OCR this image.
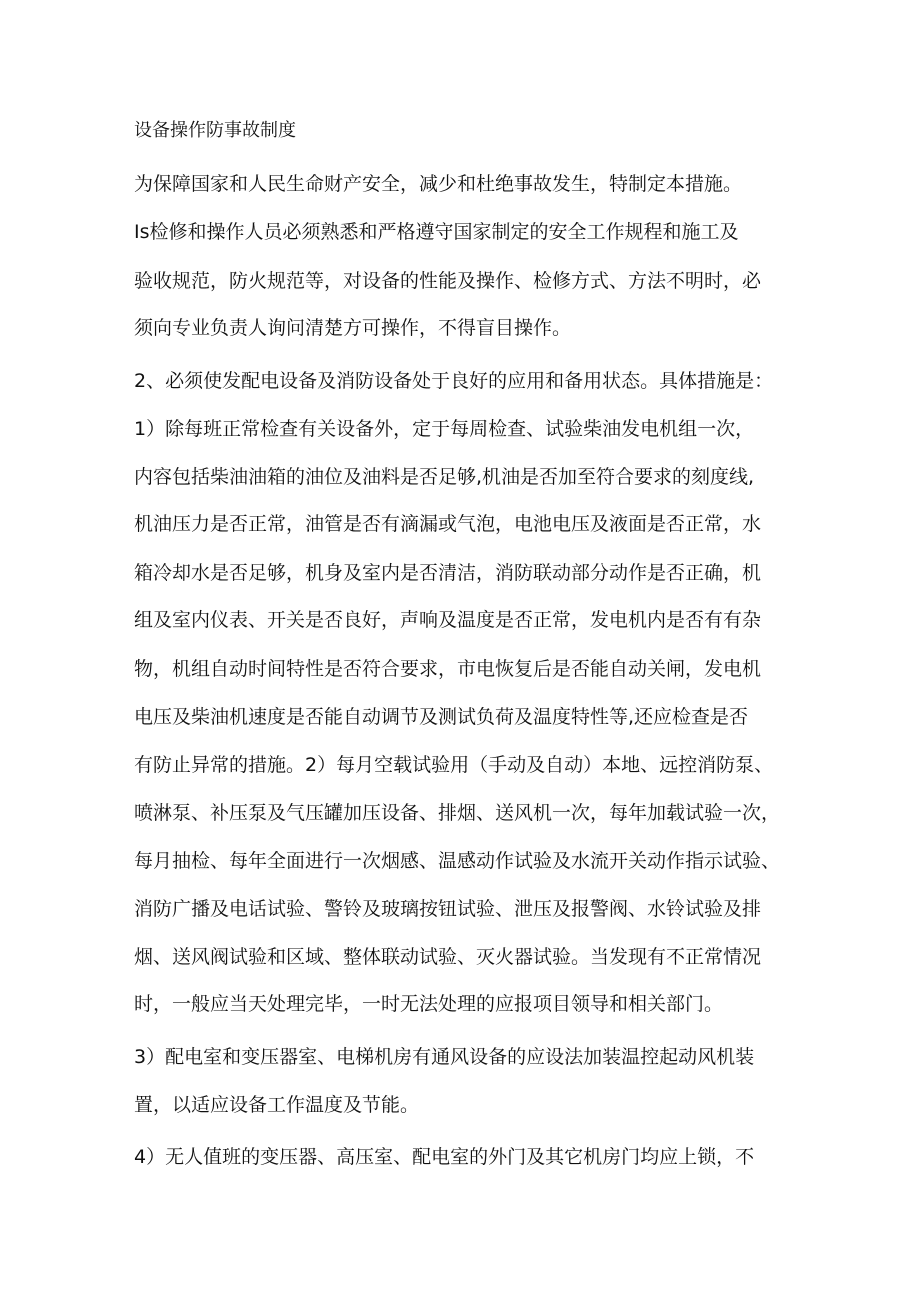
设备操作防事故制度

为保障国家和人民生命财产安全，减少和杜绝事故发生，特制定本措施。

Is检修和操作人员必须熟悉和严格遵守国家制定的安全工作规程和施工及

验收规范，防火规范等，对设备的性能及操作、检修方式、方法不明时，必

须向专业负责人询问清楚方可操作，不得盲目操作。

2、必须使发配电设备及消防设备处于良好的应用和备用状态。具体措施是：

1）除每班正常检查有关设备外，定于每周检查、试验柴油发电机组一次，

内容包括柴油油箱的油位及油料是否足够,机油是否加至符合要求的刻度线,

机油压力是否正常，油管是否有滴漏或气泡，电池电压及液面是否正常，水

箱冷却水是否足够，机身及室内是否清洁，消防联动部分动作是否正确，机

组及室内仪表、开关是否良好，声响及温度是否正常，发电机内是否有有杂

物，机组自动时间特性是否符合要求，市电恢复后是否能自动关闸，发电机

电压及柴油机速度是否能自动调节及测试负荷及温度特性等,还应检查是否

有防止异常的措施。2）每月空载试验用（手动及自动）本地、远控消防泵、

喷淋泵、补压泵及气压罐加压设备、排烟、送风机一次，每年加载试验一次，

每月抽检、每年全面进行一次烟感、温感动作试验及水流开关动作指示试验、

消防广播及电话试验、警铃及玻璃按钮试验、泄压及报警阀、水铃试验及排

烟、送风阀试验和区域、整体联动试验、灭火器试验。当发现有不正常情况

时，一般应当天处理完毕，一时无法处理的应报项目领导和相关部门。

3）配电室和变压器室、电梯机房有通风设备的应设法加装温控起动风机装

置，以适应设备工作温度及节能。

4）无人值班的变压器、高压室、配电室的外门及其它机房门均应上锁，不
